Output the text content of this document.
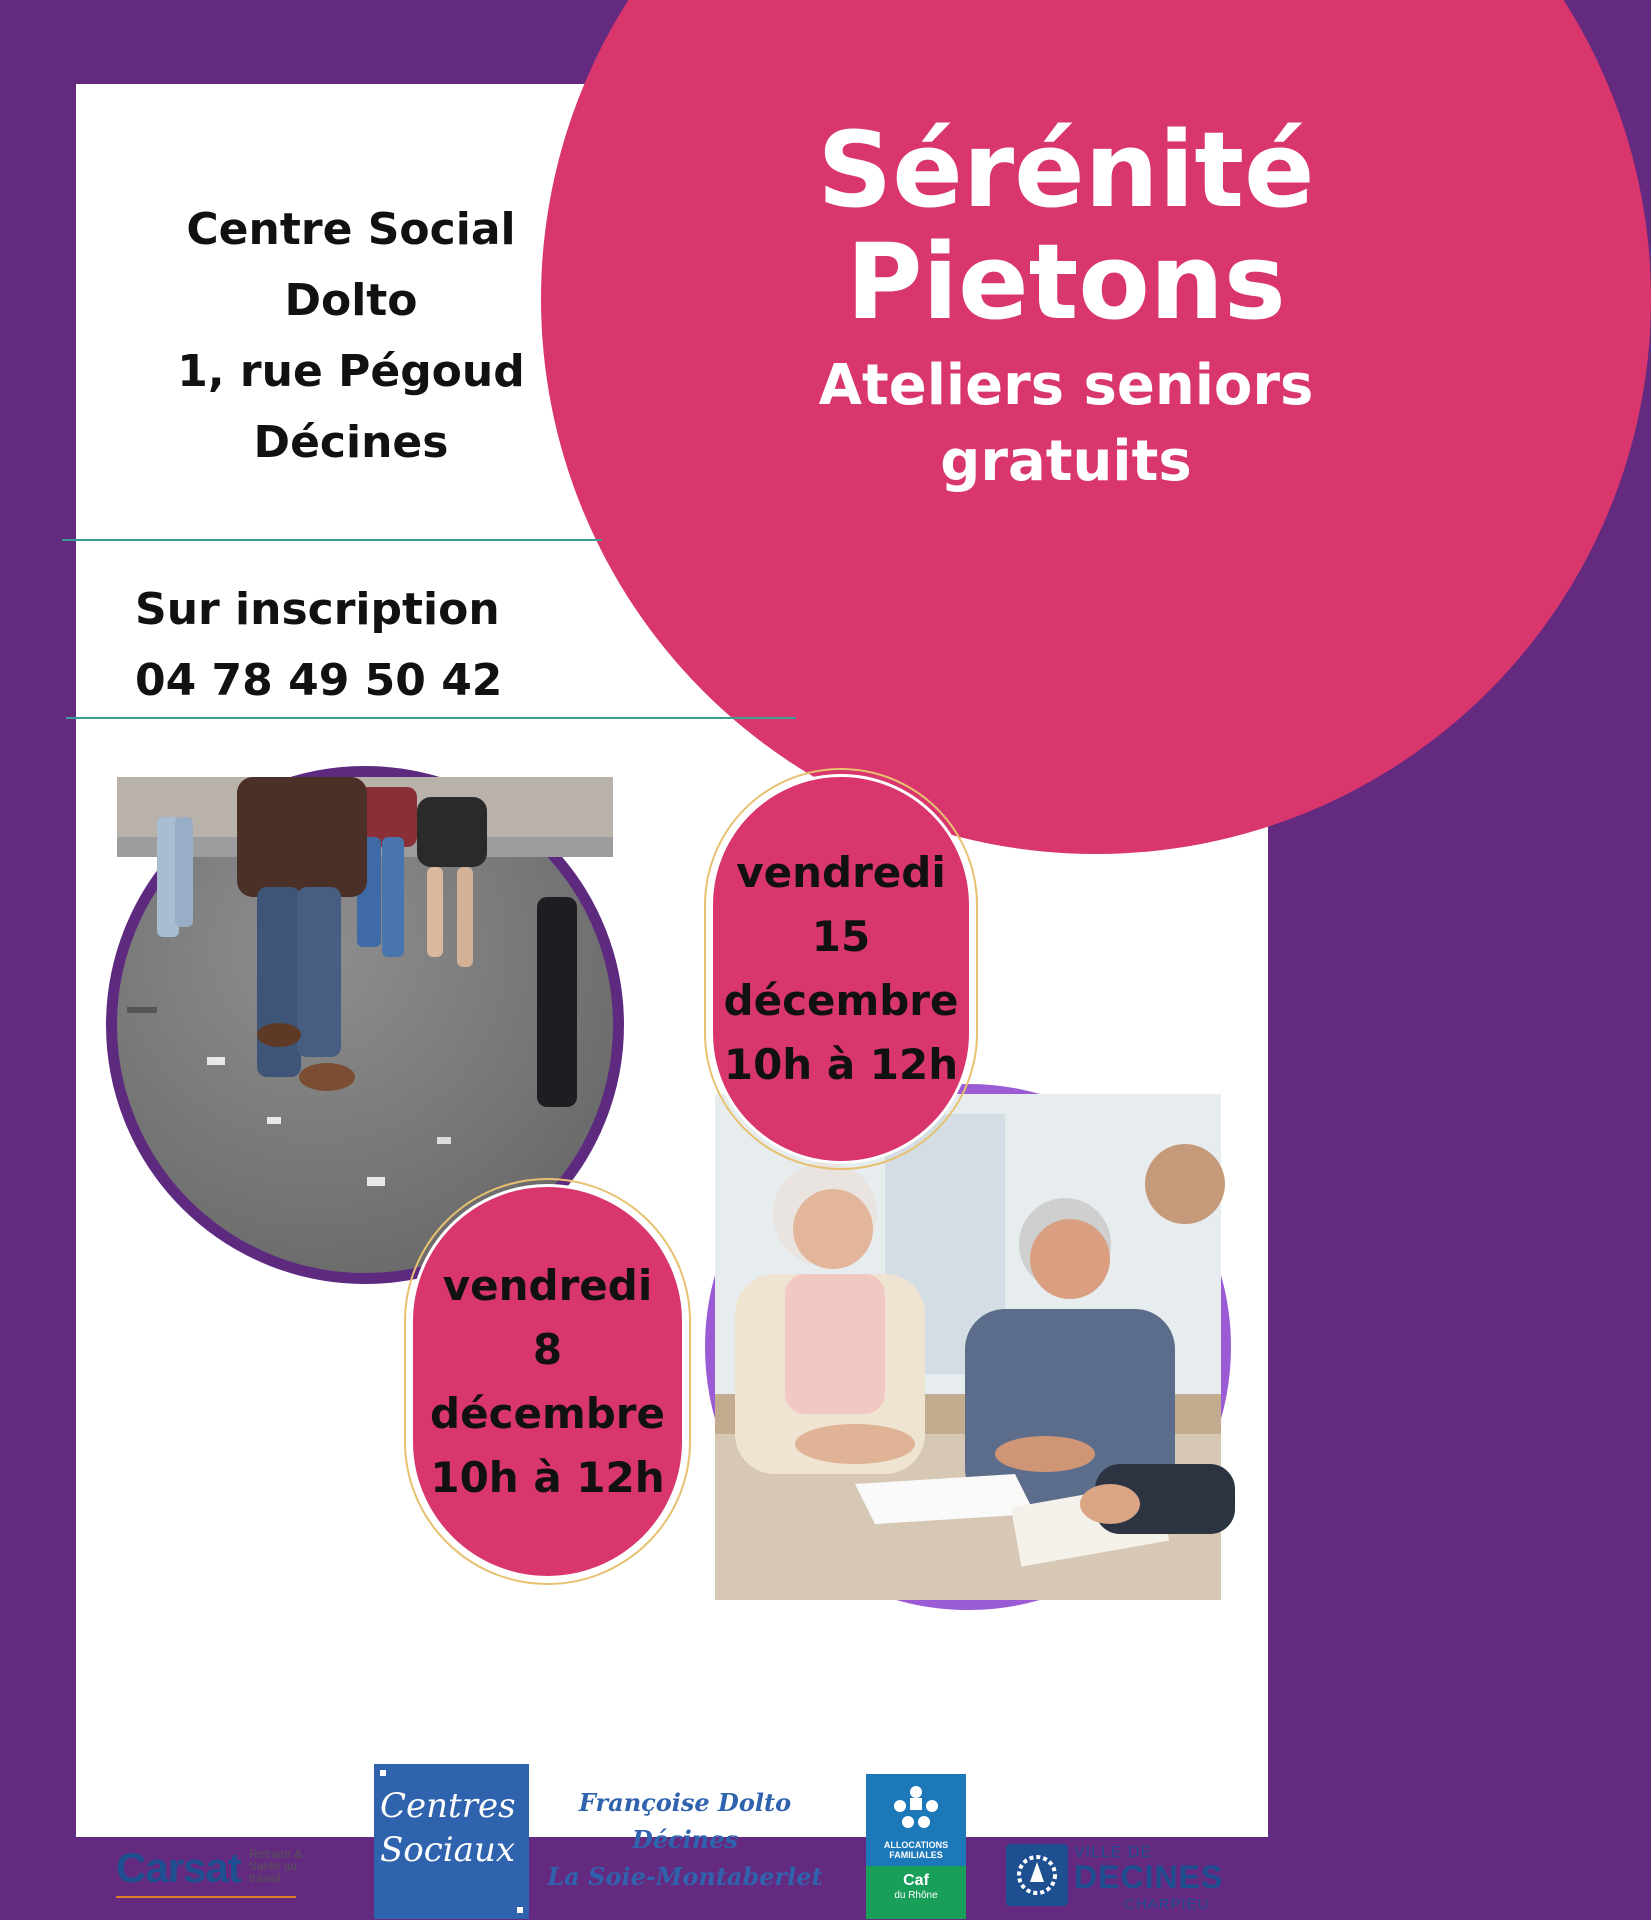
Sérénité
Pietons
Ateliers seniors
gratuits
Centre Social
Dolto
1, rue Pégoud
Décines
Sur inscription
04 78 49 50 42
vendredi
15
décembre
10h à 12h
vendredi
8
décembre
10h à 12h
Carsat Retraite & Santé au travail
Centres
Sociaux
Françoise Dolto
Décines
La Soie-Montaberlet
ALLOCATIONS FAMILIALES
Caf
du Rhône
VILLE DE
DECINES
CHARPIEU
